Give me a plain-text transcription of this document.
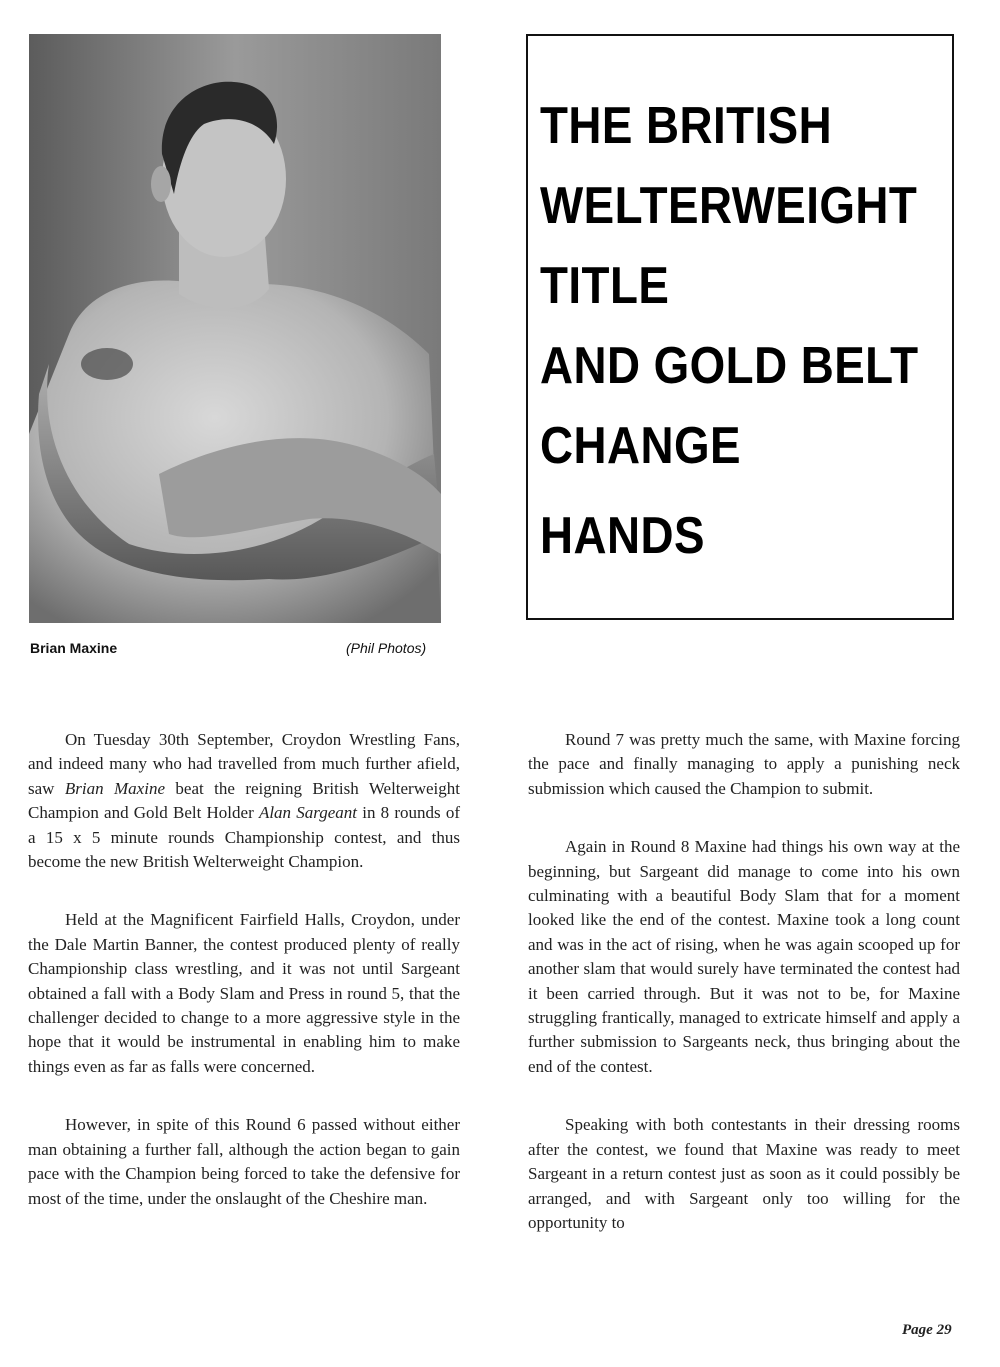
Brian Maxine	(Phil Photos)
THE BRITISH
WELTERWEIGHT
TITLE
AND GOLD BELT
CHANGE
HANDS

On Tuesday 30th September, Croydon Wrestling Fans, and indeed many who had travelled from much further afield, saw Brian Maxine beat the reigning British Welterweight Champion and Gold Belt Holder Alan Sargeant in 8 rounds of a 15 x 5 minute rounds Championship contest, and thus become the new British Welterweight Champion.

Held at the Magnificent Fairfield Halls, Croydon, under the Dale Martin Banner, the contest produced plenty of really Championship class wrestling, and it was not until Sargeant obtained a fall with a Body Slam and Press in round 5, that the challenger decided to change to a more aggressive style in the hope that it would be instrumental in enabling him to make things even as far as falls were concerned.

However, in spite of this Round 6 passed without either man obtaining a further fall, although the action began to gain pace with the Champion being forced to take the defensive for most of the time, under the onslaught of the Cheshire man.

Round 7 was pretty much the same, with Maxine forcing the pace and finally managing to apply a punishing neck submission which caused the Champion to submit.

Again in Round 8 Maxine had things his own way at the beginning, but Sargeant did manage to come into his own culminating with a beautiful Body Slam that for a moment looked like the end of the contest. Maxine took a long count and was in the act of rising, when he was again scooped up for another slam that would surely have terminated the contest had it been carried through. But it was not to be, for Maxine struggling frantically, managed to extricate himself and apply a further submission to Sargeants neck, thus bringing about the end of the contest.

Speaking with both contestants in their dressing rooms after the contest, we found that Maxine was ready to meet Sargeant in a return contest just as soon as it could possibly be arranged, and with Sargeant only too willing for the opportunity to

Page 29
